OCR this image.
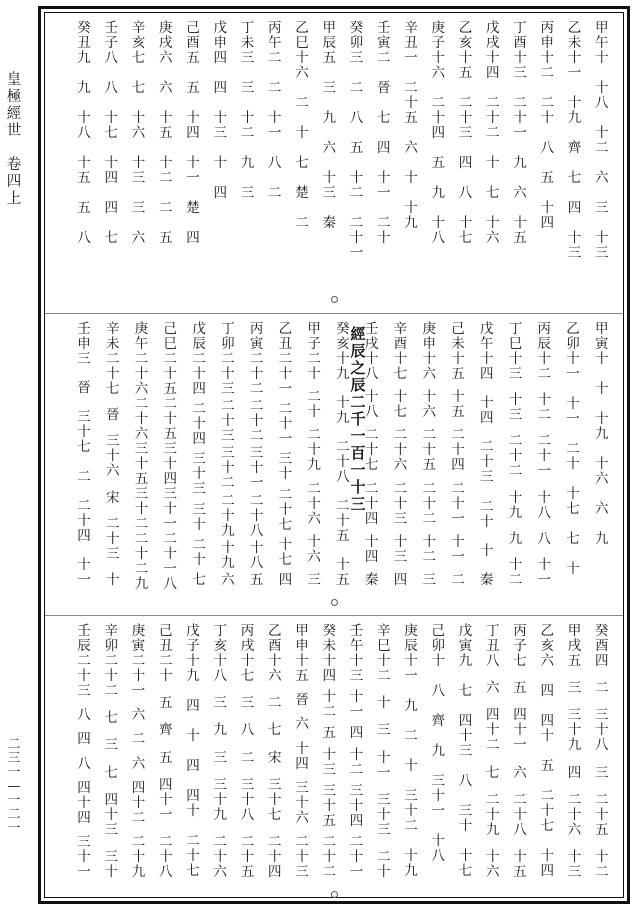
皇
極
經
世

卷
四
上
二
三
一
—
一
二
一
甲
午
十
十
八
十
二
六
三
十
三
乙
未
十
一
十
九
齊
七
四
十
三
丙
申
十
二
二
十
八
五
十
四
丁
酉
十
三
二
十
一
九
六
十
五
戊
戌
十
四
二
十
二
十
七
十
六
乙
亥
十
五
二
十
三
四
八
十
七
庚
子
十
六
二
十
四
五
九
十
八
辛
丑
一
二
十
五
六
十
十
九
壬
寅
二
晉
七
四
十
一
二
十
癸
卯
三
二
八
五
十
二
二
十
一
甲
辰
五
三
九
六
十
三
秦
乙
巳
十
六
二
十
七
楚
二
丙
午
二
二
十
一
八
二
丁
未
三
三
十
二
九
三
戊
申
四
四
十
三
十
四
己
酉
五
五
十
四
十
一
楚
四
庚
戌
六
六
十
五
十
二
二
五
辛
亥
七
七
十
六
十
三
三
六
壬
子
八
八
十
七
十
四
四
七
癸
丑
九
九
十
八
十
五
五
八
甲
寅
十
十
十
九
十
六
六
九
乙
卯
十
一
十
一
二
十
十
七
七
十
丙
辰
十
二
十
二
二
十
一
十
八
八
十
一
丁
巳
十
三
十
三
二
十
二
十
九
九
十
二
戊
午
十
四
十
四
二
十
三
二
十
十
秦
己
未
十
五
十
五
二
十
四
二
十
一
十
一
二
庚
申
十
六
十
六
二
十
五
二
十
二
十
二
三
辛
酉
十
七
十
七
二
十
六
二
十
三
十
三
四
壬
戌
十
八
十
八
二
十
七
二
十
四
十
四
秦
癸
亥
十
九
十
九
二
十
八
二
十
五
十
五
甲
子
二
十
二
十
二
十
九
二
十
六
十
六
三
乙
丑
二
十
一
二
十
一
三
十
二
十
七
十
七
四
丙
寅
二
十
二
二
十
二
三
十
一
二
十
八
十
八
五
丁
卯
二
十
三
二
十
三
三
十
二
二
十
九
十
九
六
戊
辰
二
十
四
二
十
四
三
十
三
三
十
二
十
七
己
巳
二
十
五
二
十
五
三
十
四
三
十
一
二
十
一
八
庚
午
二
十
六
二
十
六
三
十
五
三
十
二
二
十
二
九
辛
未
二
十
七
晉
三
十
六
宋
二
十
三
十
壬
申
三
晉
三
十
七
二
二
十
四
十
一
經
辰
之
辰
二
千
一
百
一
十
三
癸
酉
四
二
三
十
八
三
二
十
五
十
二
甲
戌
五
三
三
十
九
四
二
十
六
十
三
乙
亥
六
四
四
十
五
二
十
七
十
四
丙
子
七
五
四
十
一
六
二
十
八
十
五
丁
丑
八
六
四
十
二
七
二
十
九
十
六
戊
寅
九
七
四
十
三
八
三
十
十
七
己
卯
十
八
齊
九
三
十
一
十
八
庚
辰
十
一
九
二
十
三
十
二
十
九
辛
巳
十
二
十
三
十
一
三
十
三
二
十
壬
午
十
三
十
一
四
十
二
三
十
四
二
十
一
癸
未
十
四
十
二
五
十
三
三
十
五
二
十
二
甲
申
十
五
晉
六
十
四
三
十
六
二
十
三
乙
酉
十
六
二
七
宋
三
十
七
二
十
四
丙
戌
十
七
三
八
二
三
十
八
二
十
五
丁
亥
十
八
三
九
三
三
十
九
二
十
六
戊
子
十
九
四
十
四
四
十
二
十
七
己
丑
二
十
五
齊
五
四
十
一
二
十
八
庚
寅
二
十
一
六
二
六
四
十
二
二
十
九
辛
卯
二
十
二
七
三
七
四
十
三
三
十
壬
辰
二
十
三
八
四
八
四
十
四
三
十
一
